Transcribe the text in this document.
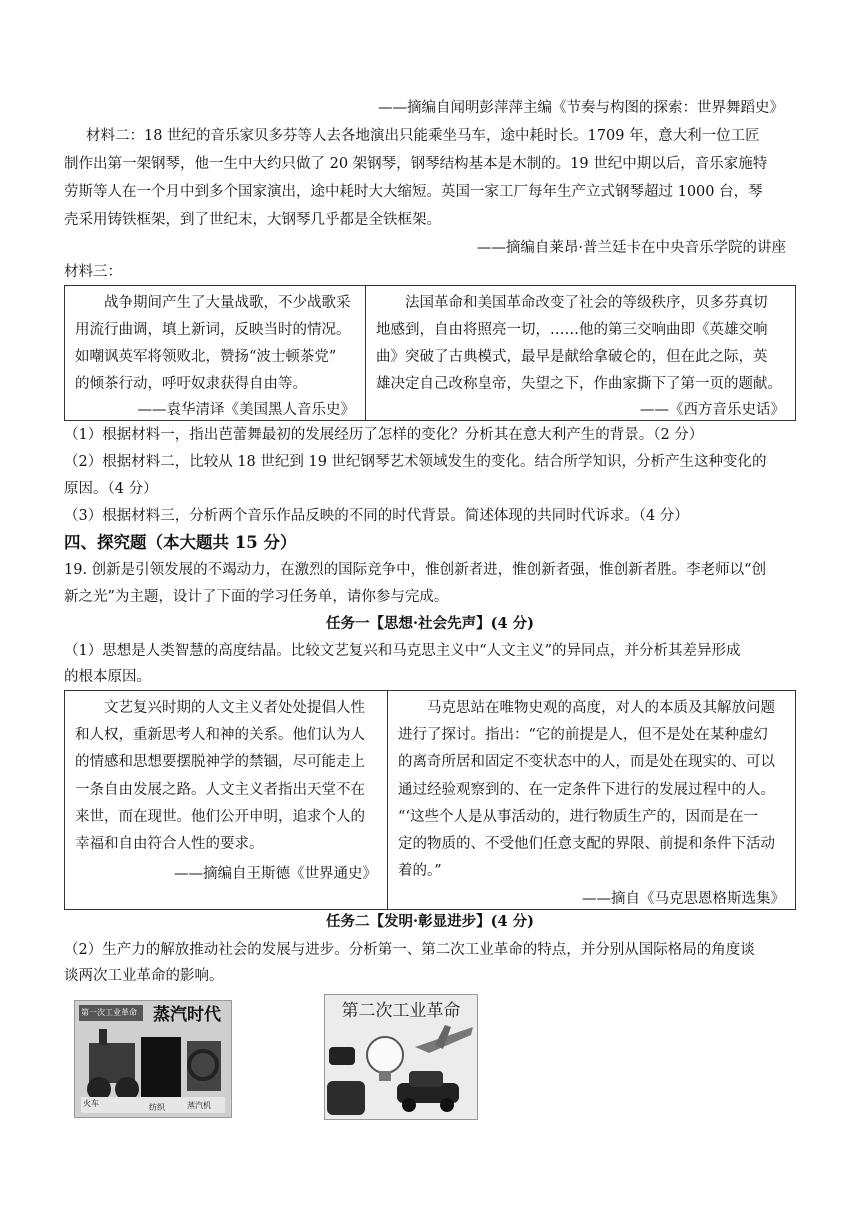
——摘编自闻明彭萍萍主编《节奏与构图的探索：世界舞蹈史》
材料二：18 世纪的音乐家贝多芬等人去各地演出只能乘坐马车，途中耗时长。1709 年，意大利一位工匠
制作出第一架钢琴，他一生中大约只做了 20 架钢琴，钢琴结构基本是木制的。19 世纪中期以后，音乐家施特
劳斯等人在一个月中到多个国家演出，途中耗时大大缩短。英国一家工厂每年生产立式钢琴超过 1000 台，琴
壳采用铸铁框架，到了世纪末，大钢琴几乎都是全铁框架。
——摘编自莱昂·普兰廷卡在中央音乐学院的讲座
材料三：
　　战争期间产生了大量战歌，不少战歌采
用流行曲调，填上新词，反映当时的情况。
如嘲讽英军将领败北，赞扬“波士顿茶党”
的倾茶行动，呼吁奴隶获得自由等。
——袁华清译《美国黑人音乐史》

　　法国革命和美国革命改变了社会的等级秩序，贝多芬真切
地感到，自由将照亮一切，……他的第三交响曲即《英雄交响
曲》突破了古典模式，最早是献给拿破仑的，但在此之际，英
雄决定自己改称皇帝，失望之下，作曲家撕下了第一页的题献。
——《西方音乐史话》
（1）根据材料一，指出芭蕾舞最初的发展经历了怎样的变化？分析其在意大利产生的背景。（2 分）
（2）根据材料二，比较从 18 世纪到 19 世纪钢琴艺术领域发生的变化。结合所学知识，分析产生这种变化的
原因。（4 分）
（3）根据材料三，分析两个音乐作品反映的不同的时代背景。简述体现的共同时代诉求。（4 分）
四、探究题（本大题共 15 分）
19. 创新是引领发展的不竭动力，在激烈的国际竞争中，惟创新者进，惟创新者强，惟创新者胜。李老师以“创
新之光”为主题，设计了下面的学习任务单，请你参与完成。
任务一【思想·社会先声】(4 分)
（1）思想是人类智慧的高度结晶。比较文艺复兴和马克思主义中“人文主义”的异同点，并分析其差异形成
的根本原因。
　　文艺复兴时期的人文主义者处处提倡人性
和人权，重新思考人和神的关系。他们认为人
的情感和思想要摆脱神学的禁锢，尽可能走上
一条自由发展之路。人文主义者指出天堂不在
来世，而在现世。他们公开申明，追求个人的
幸福和自由符合人性的要求。
——摘编自王斯德《世界通史》

　　马克思站在唯物史观的高度，对人的本质及其解放问题
进行了探讨。指出：“它的前提是人，但不是处在某种虚幻
的离奇所居和固定不变状态中的人，而是处在现实的、可以
通过经验观察到的、在一定条件下进行的发展过程中的人。
“‘这些个人是从事活动的，进行物质生产的，因而是在一
定的物质的、不受他们任意支配的界限、前提和条件下活动
着的。”
——摘自《马克思恩格斯选集》
任务二【发明·彰显进步】(4 分)
（2）生产力的解放推动社会的发展与进步。分析第一、第二次工业革命的特点，并分别从国际格局的角度谈
谈两次工业革命的影响。
第一次工业革命 蒸汽时代
火车	纺织	蒸汽机
第二次工业革命
